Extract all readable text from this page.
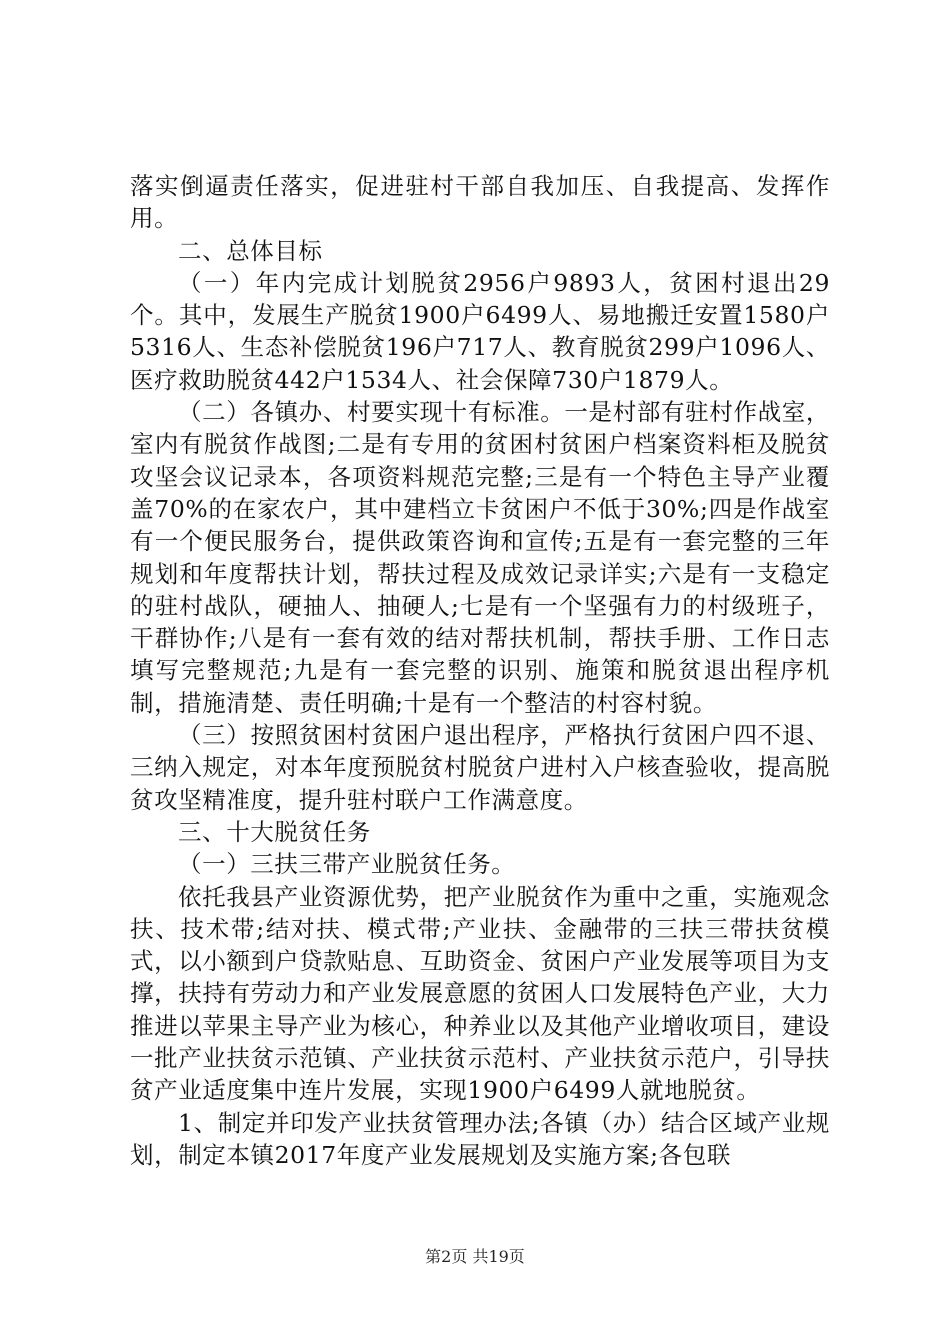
落实倒逼责任落实，促进驻村干部自我加压、自我提高、发挥作用。

二、总体目标

（一）年内完成计划脱贫2956户9893人，贫困村退出29个。其中，发展生产脱贫1900户6499人、易地搬迁安置1580户5316人、生态补偿脱贫196户717人、教育脱贫299户1096人、医疗救助脱贫442户1534人、社会保障730户1879人。

（二）各镇办、村要实现十有标准。一是村部有驻村作战室，室内有脱贫作战图;二是有专用的贫困村贫困户档案资料柜及脱贫攻坚会议记录本，各项资料规范完整;三是有一个特色主导产业覆盖70%的在家农户，其中建档立卡贫困户不低于30%;四是作战室有一个便民服务台，提供政策咨询和宣传;五是有一套完整的三年规划和年度帮扶计划，帮扶过程及成效记录详实;六是有一支稳定的驻村战队，硬抽人、抽硬人;七是有一个坚强有力的村级班子，干群协作;八是有一套有效的结对帮扶机制，帮扶手册、工作日志填写完整规范;九是有一套完整的识别、施策和脱贫退出程序机制，措施清楚、责任明确;十是有一个整洁的村容村貌。

（三）按照贫困村贫困户退出程序，严格执行贫困户四不退、三纳入规定，对本年度预脱贫村脱贫户进村入户核查验收，提高脱贫攻坚精准度，提升驻村联户工作满意度。

三、十大脱贫任务

（一）三扶三带产业脱贫任务。

依托我县产业资源优势，把产业脱贫作为重中之重，实施观念扶、技术带;结对扶、模式带;产业扶、金融带的三扶三带扶贫模式，以小额到户贷款贴息、互助资金、贫困户产业发展等项目为支撑，扶持有劳动力和产业发展意愿的贫困人口发展特色产业，大力推进以苹果主导产业为核心，种养业以及其他产业增收项目，建设一批产业扶贫示范镇、产业扶贫示范村、产业扶贫示范户，引导扶贫产业适度集中连片发展，实现1900户6499人就地脱贫。

1、制定并印发产业扶贫管理办法;各镇（办）结合区域产业规划，制定本镇2017年度产业发展规划及实施方案;各包联

第2页 共19页
